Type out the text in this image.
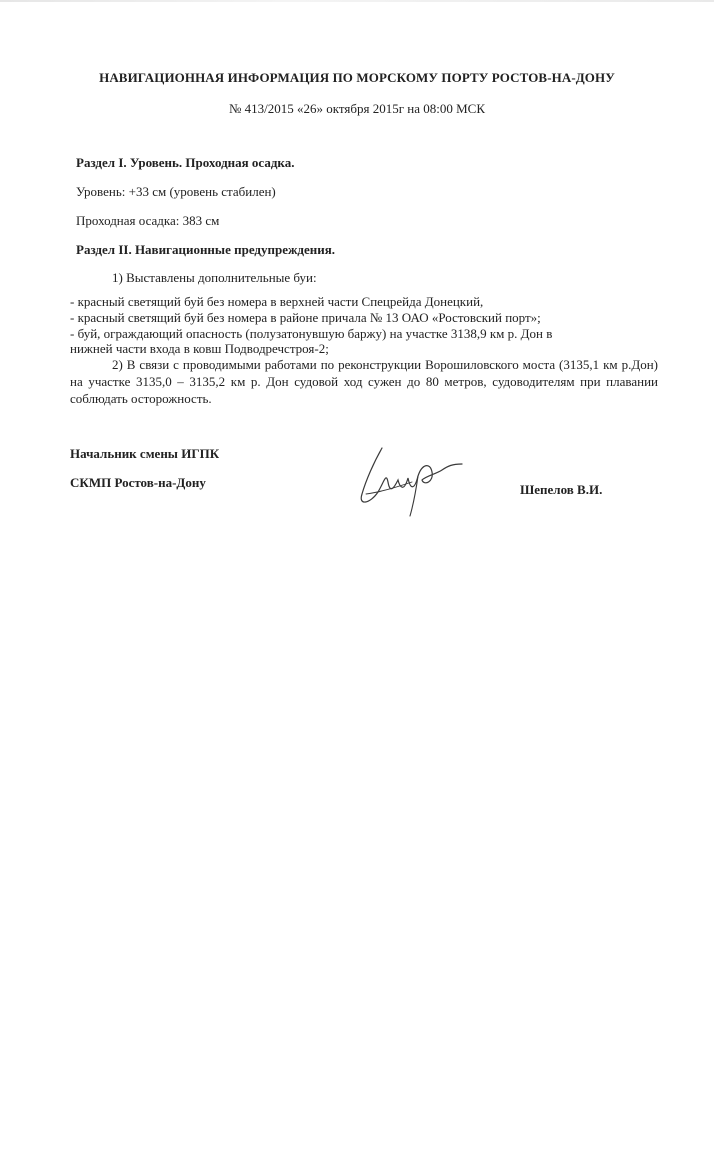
НАВИГАЦИОННАЯ ИНФОРМАЦИЯ ПО МОРСКОМУ ПОРТУ РОСТОВ-НА-ДОНУ
№ 413/2015 «26» октября 2015г на 08:00 МСК
Раздел I. Уровень. Проходная осадка.
Уровень: +33 см (уровень стабилен)
Проходная осадка: 383 см
Раздел II. Навигационные предупреждения.
1) Выставлены дополнительные буи:
- красный светящий буй без номера в верхней части Спецрейда Донецкий,
- красный светящий буй без номера в районе причала № 13 ОАО «Ростовский порт»;
- буй, ограждающий опасность (полузатонувшую баржу) на участке 3138,9 км р. Дон в
нижней части входа в ковш Подводречстроя-2;
2) В связи с проводимыми работами по реконструкции Ворошиловского моста (3135,1 км р.Дон) на участке 3135,0 – 3135,2 км р. Дон судовой ход сужен до 80 метров, судоводителям при плавании соблюдать осторожность.
Начальник смены ИГПК
СКМП Ростов-на-Дону	Шепелов В.И.
